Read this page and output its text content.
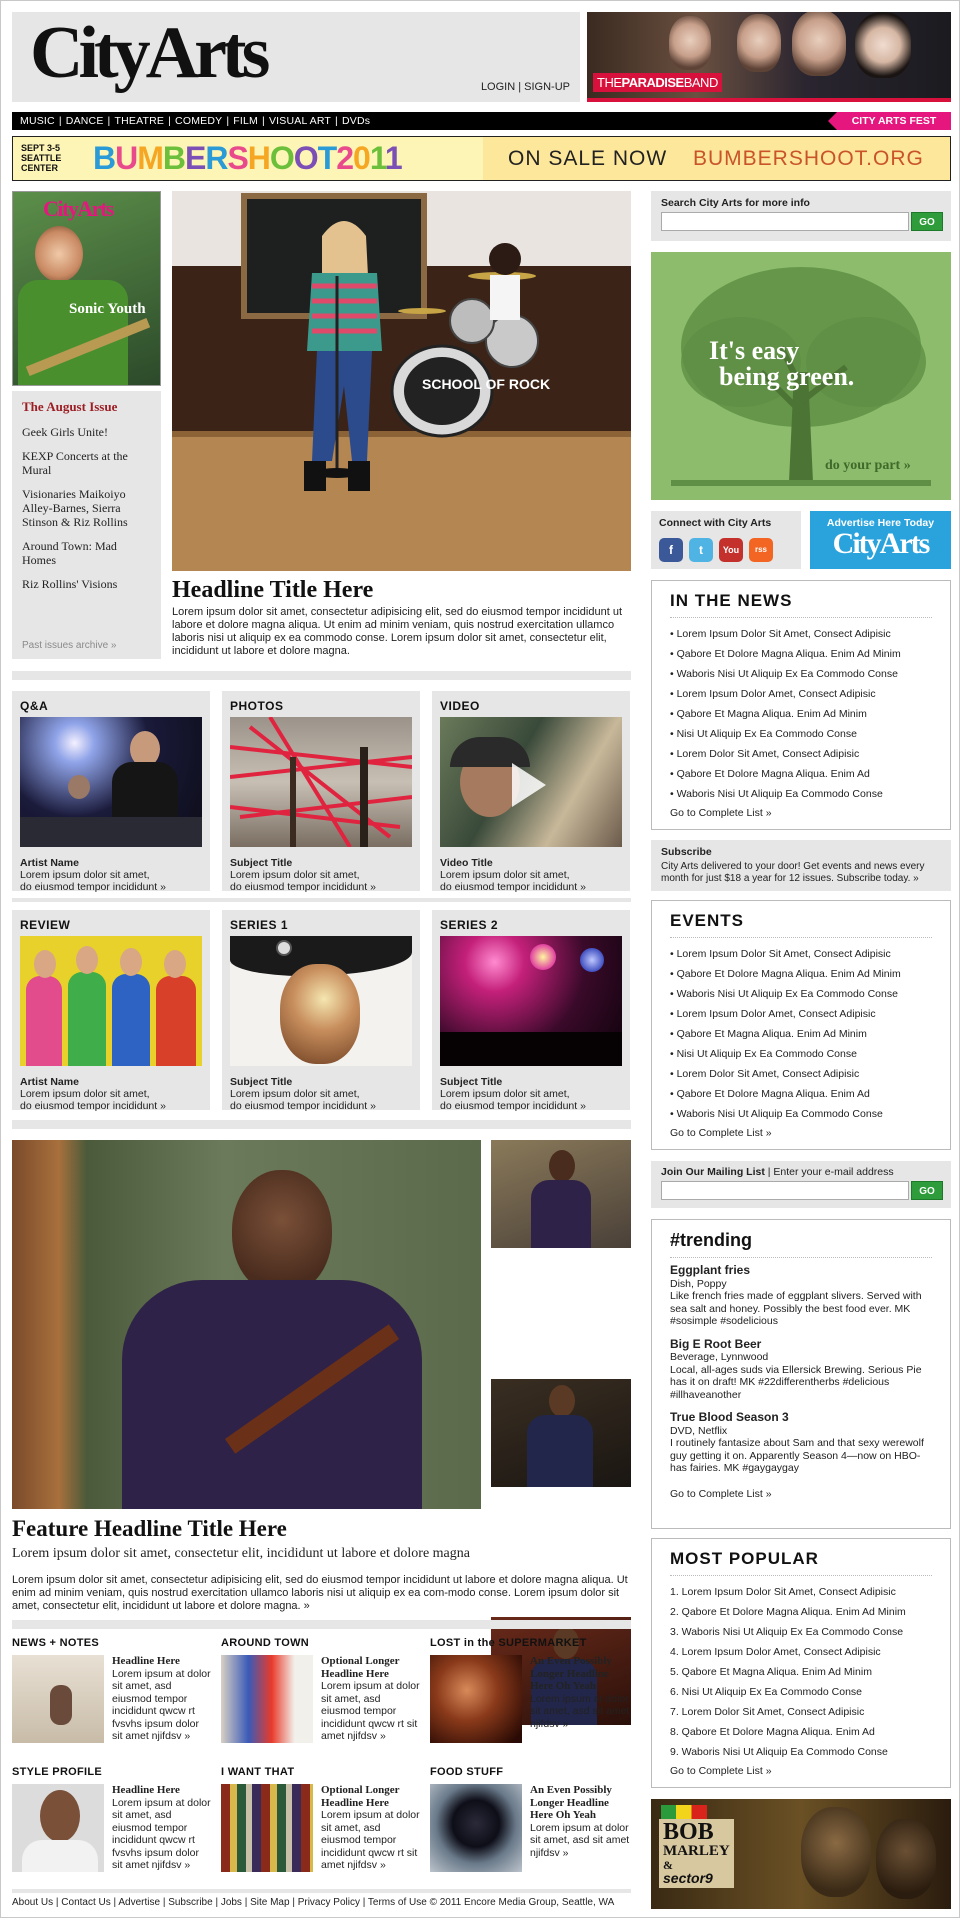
CityArts	LOGIN | SIGN-UP	THEPARADISEBAND
MUSIC | DANCE | THEATRE | COMEDY | FILM | VISUAL ART | DVDs	CITY ARTS FEST
SEPT 3-5
SEATTLE
CENTER BUMBERSHOOT2011	ON SALE NOW BUMBERSHOOT.ORG
CityArts
Sonic Youth
The August Issue
Geek Girls Unite!
KEXP Concerts at the Mural
Visionaries Maikoiyo Alley-Barnes, Sierra Stinson & Riz Rollins
Around Town: Mad Homes
Riz Rollins' Visions
Past issues archive »
SCHOOL OF ROCK
Headline Title Here
Lorem ipsum dolor sit amet, consectetur adipisicing elit, sed do eiusmod tempor incididunt ut labore et dolore magna aliqua. Ut enim ad minim veniam, quis nostrud exercitation ullamco laboris nisi ut aliquip ex ea commodo conse. Lorem ipsum dolor sit amet, consectetur elit, incididunt ut labore et dolore magna.
Q&A
Artist Name
Lorem ipsum dolor sit amet,
do eiusmod tempor incididunt »
PHOTOS
Subject Title
Lorem ipsum dolor sit amet,
do eiusmod tempor incididunt »
VIDEO
Video Title
Lorem ipsum dolor sit amet,
do eiusmod tempor incididunt »
REVIEW
Artist Name
Lorem ipsum dolor sit amet,
do eiusmod tempor incididunt »
SERIES 1
Subject Title
Lorem ipsum dolor sit amet,
do eiusmod tempor incididunt »
SERIES 2
Subject Title
Lorem ipsum dolor sit amet,
do eiusmod tempor incididunt »
Feature Headline Title Here
Lorem ipsum dolor sit amet, consectetur elit, incididunt ut labore et dolore magna
Lorem ipsum dolor sit amet, consectetur adipisicing elit, sed do eiusmod tempor incididunt ut labore et dolore magna aliqua. Ut enim ad minim veniam, quis nostrud exercitation ullamco laboris nisi ut aliquip ex ea com-modo conse. Lorem ipsum dolor sit amet, consectetur elit, incididunt ut labore et dolore magna. »
NEWS + NOTES
Headline Here
Lorem ipsum at dolor sit amet, asd eiusmod tempor incididunt qwcw rt fvsvhs ipsum dolor sit amet njifdsv »
AROUND TOWN
Optional Longer Headline Here
Lorem ipsum at dolor sit amet, asd eiusmod tempor incididunt qwcw rt sit amet njifdsv »
LOST in the SUPERMARKET
An Even Possibly Longer Headline Here Oh Yeah
Lorem ipsum at dolor sit amet, asd sit amet njifdsv »
STYLE PROFILE
Headline Here
Lorem ipsum at dolor sit amet, asd eiusmod tempor incididunt qwcw rt fvsvhs ipsum dolor sit amet njifdsv »
I WANT THAT
Optional Longer Headline Here
Lorem ipsum at dolor sit amet, asd eiusmod tempor incididunt qwcw rt sit amet njifdsv »
FOOD STUFF
An Even Possibly Longer Headline Here Oh Yeah
Lorem ipsum at dolor sit amet, asd sit amet njifdsv »
About Us | Contact Us | Advertise | Subscribe | Jobs | Site Map | Privacy Policy | Terms of Use © 2011 Encore Media Group, Seattle, WA
Search City Arts for more info
GO
It's easy
being green.
do your part »
Connect with City Arts
f	t	You	rss
Advertise Here Today
CityArts
IN THE NEWS
• Lorem Ipsum Dolor Sit Amet, Consect Adipisic
• Qabore Et Dolore Magna Aliqua. Enim Ad Minim
• Waboris Nisi Ut Aliquip Ex Ea Commodo Conse
• Lorem Ipsum Dolor Amet, Consect Adipisic
• Qabore Et Magna Aliqua. Enim Ad Minim
• Nisi Ut Aliquip Ex Ea Commodo Conse
• Lorem Dolor Sit Amet, Consect Adipisic
• Qabore Et Dolore Magna Aliqua. Enim Ad
• Waboris Nisi Ut Aliquip Ea Commodo Conse
Go to Complete List »
Subscribe
City Arts delivered to your door! Get events and news every month for just $18 a year for 12 issues. Subscribe today. »
EVENTS
• Lorem Ipsum Dolor Sit Amet, Consect Adipisic
• Qabore Et Dolore Magna Aliqua. Enim Ad Minim
• Waboris Nisi Ut Aliquip Ex Ea Commodo Conse
• Lorem Ipsum Dolor Amet, Consect Adipisic
• Qabore Et Magna Aliqua. Enim Ad Minim
• Nisi Ut Aliquip Ex Ea Commodo Conse
• Lorem Dolor Sit Amet, Consect Adipisic
• Qabore Et Dolore Magna Aliqua. Enim Ad
• Waboris Nisi Ut Aliquip Ea Commodo Conse
Go to Complete List »
Join Our Mailing List | Enter your e-mail address
GO
#trending
Eggplant fries
Dish, Poppy
Like french fries made of eggplant slivers. Served with sea salt and honey. Possibly the best food ever. MK #sosimple #sodelicious
Big E Root Beer
Beverage, Lynnwood
Local, all-ages suds via Ellersick Brewing. Serious Pie has it on draft! MK #22differentherbs #delicious #illhaveanother
True Blood Season 3
DVD, Netflix
I routinely fantasize about Sam and that sexy werewolf guy getting it on. Apparently Season 4—now on HBO-has fairies. MK #gaygaygay
Go to Complete List »
MOST POPULAR
1. Lorem Ipsum Dolor Sit Amet, Consect Adipisic
2. Qabore Et Dolore Magna Aliqua. Enim Ad Minim
3. Waboris Nisi Ut Aliquip Ex Ea Commodo Conse
4. Lorem Ipsum Dolor Amet, Consect Adipisic
5. Qabore Et Magna Aliqua. Enim Ad Minim
6. Nisi Ut Aliquip Ex Ea Commodo Conse
7. Lorem Dolor Sit Amet, Consect Adipisic
8. Qabore Et Dolore Magna Aliqua. Enim Ad
9. Waboris Nisi Ut Aliquip Ea Commodo Conse
Go to Complete List »
BOB
MARLEY
&
sector9
